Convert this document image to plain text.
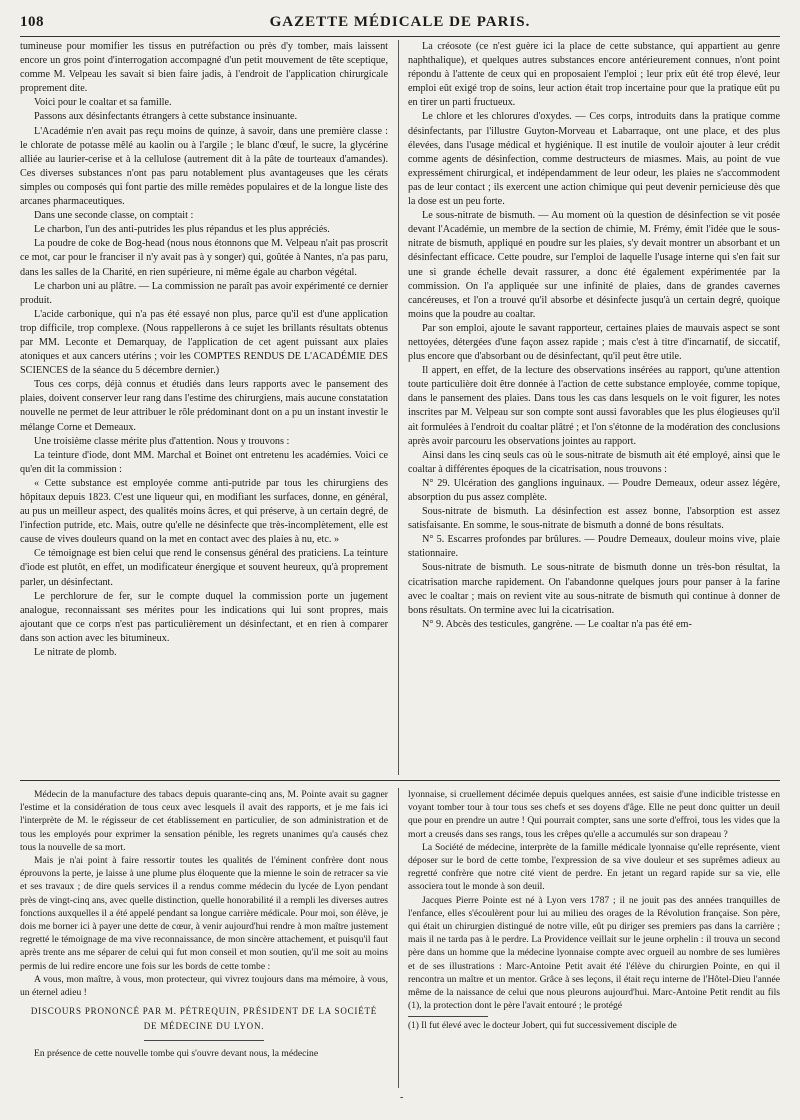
108	GAZETTE MÉDICALE DE PARIS.

tumineuse pour momifier les tissus en putréfaction ou près d'y tomber, mais laissent encore un gros point d'interrogation accompagné d'un petit mouvement de tête sceptique, comme M. Velpeau les savait si bien faire jadis, à l'endroit de l'application chirurgicale proprement dite.

Voici pour le coaltar et sa famille.

Passons aux désinfectants étrangers à cette substance insinuante.

L'Académie n'en avait pas reçu moins de quinze, à savoir, dans une première classe : le chlorate de potasse mêlé au kaolin ou à l'argile ; le blanc d'œuf, le sucre, la glycérine alliée au laurier-cerise et à la cellulose (autrement dit à la pâte de tourteaux d'amandes). Ces diverses substances n'ont pas paru notablement plus avantageuses que les cérats simples ou composés qui font partie des mille remèdes populaires et de la longue liste des arcanes pharmaceutiques.

Dans une seconde classe, on comptait :

Le charbon, l'un des anti-putrides les plus répandus et les plus appréciés.

La poudre de coke de Bog-head (nous nous étonnons que M. Velpeau n'ait pas proscrit ce mot, car pour le franciser il n'y avait pas à y songer) qui, goûtée à Nantes, n'a pas paru, dans les salles de la Charité, en rien supérieure, ni même égale au charbon végétal.

Le charbon uni au plâtre. — La commission ne paraît pas avoir expérimenté ce dernier produit.

L'acide carbonique, qui n'a pas été essayé non plus, parce qu'il est d'une application trop difficile, trop complexe. (Nous rappellerons à ce sujet les brillants résultats obtenus par MM. Leconte et Demarquay, de l'application de cet agent puissant aux plaies atoniques et aux cancers utérins ; voir les COMPTES RENDUS DE L'ACADÉMIE DES SCIENCES de la séance du 5 décembre dernier.)

Tous ces corps, déjà connus et étudiés dans leurs rapports avec le pansement des plaies, doivent conserver leur rang dans l'estime des chirurgiens, mais aucune constatation nouvelle ne permet de leur attribuer le rôle prédominant dont on a pu un instant investir le mélange Corne et Demeaux.

Une troisième classe mérite plus d'attention. Nous y trouvons :

La teinture d'iode, dont MM. Marchal et Boinet ont entretenu les académies. Voici ce qu'en dit la commission :

« Cette substance est employée comme anti-putride par tous les chirurgiens des hôpitaux depuis 1823. C'est une liqueur qui, en modifiant les surfaces, donne, en général, au pus un meilleur aspect, des qualités moins âcres, et qui préserve, à un certain degré, de l'infection putride, etc. Mais, outre qu'elle ne désinfecte que très-incomplètement, elle est cause de vives douleurs quand on la met en contact avec des plaies à nu, etc. »

Ce témoignage est bien celui que rend le consensus général des praticiens. La teinture d'iode est plutôt, en effet, un modificateur énergique et souvent heureux, qu'à proprement parler, un désinfectant.

Le perchlorure de fer, sur le compte duquel la commission porte un jugement analogue, reconnaissant ses mérites pour les indications qui lui sont propres, mais ajoutant que ce corps n'est pas particulièrement un désinfectant, et en rien à comparer dans son action avec les bitumineux.

Le nitrate de plomb.

La créosote (ce n'est guère ici la place de cette substance, qui appartient au genre naphthalique), et quelques autres substances encore antérieurement connues, n'ont point répondu à l'attente de ceux qui en proposaient l'emploi ; leur prix eût été trop élevé, leur emploi eût exigé trop de soins, leur action était trop incertaine pour que la pratique eût pu en tirer un parti fructueux.

Le chlore et les chlorures d'oxydes. — Ces corps, introduits dans la pratique comme désinfectants, par l'illustre Guyton-Morveau et Labarraque, ont une place, et des plus élevées, dans l'usage médical et hygiénique. Il est inutile de vouloir ajouter à leur crédit comme agents de désinfection, comme destructeurs de miasmes. Mais, au point de vue expressément chirurgical, et indépendamment de leur odeur, les plaies ne s'accommodent pas de leur contact ; ils exercent une action chimique qui peut devenir pernicieuse dès que la dose est un peu forte.

Le sous-nitrate de bismuth. — Au moment où la question de désinfection se vit posée devant l'Académie, un membre de la section de chimie, M. Frémy, émit l'idée que le sous-nitrate de bismuth, appliqué en poudre sur les plaies, s'y devait montrer un absorbant et un désinfectant efficace. Cette poudre, sur l'emploi de laquelle l'usage interne qui s'en fait sur une si grande échelle devait rassurer, a donc été également expérimentée par la commission. On l'a appliquée sur une infinité de plaies, dans de grandes cavernes cancéreuses, et l'on a trouvé qu'il absorbe et désinfecte jusqu'à un certain degré, quoique moins que la poudre au coaltar.

Par son emploi, ajoute le savant rapporteur, certaines plaies de mauvais aspect se sont nettoyées, détergées d'une façon assez rapide ; mais c'est à titre d'incarnatif, de siccatif, plus encore que d'absorbant ou de désinfectant, qu'il peut être utile.

Il appert, en effet, de la lecture des observations insérées au rapport, qu'une attention toute particulière doit être donnée à l'action de cette substance employée, comme topique, dans le pansement des plaies. Dans tous les cas dans lesquels on le voit figurer, les notes inscrites par M. Velpeau sur son compte sont aussi favorables que les plus élogieuses qu'il ait formulées à l'endroit du coaltar plâtré ; et l'on s'étonne de la modération des conclusions après avoir parcouru les observations jointes au rapport.

Ainsi dans les cinq seuls cas où le sous-nitrate de bismuth ait été employé, ainsi que le coaltar à différentes époques de la cicatrisation, nous trouvons :

N° 29. Ulcération des ganglions inguinaux. — Poudre Demeaux, odeur assez légère, absorption du pus assez complète.

Sous-nitrate de bismuth. La désinfection est assez bonne, l'absorption est assez satisfaisante. En somme, le sous-nitrate de bismuth a donné de bons résultats.

N° 5. Escarres profondes par brûlures. — Poudre Demeaux, douleur moins vive, plaie stationnaire.

Sous-nitrate de bismuth. Le sous-nitrate de bismuth donne un très-bon résultat, la cicatrisation marche rapidement. On l'abandonne quelques jours pour panser à la farine avec le coaltar ; mais on revient vite au sous-nitrate de bismuth qui continue à donner de bons résultats. On termine avec lui la cicatrisation.

N° 9. Abcès des testicules, gangrène. — Le coaltar n'a pas été em-

Médecin de la manufacture des tabacs depuis quarante-cinq ans, M. Pointe avait su gagner l'estime et la considération de tous ceux avec lesquels il avait des rapports, et je me fais ici l'interprète de M. le régisseur de cet établissement en particulier, de son administration et de tous les employés pour exprimer la sensation pénible, les regrets unanimes qu'a causés chez tous la nouvelle de sa mort.

Mais je n'ai point à faire ressortir toutes les qualités de l'éminent confrère dont nous éprouvons la perte, je laisse à une plume plus éloquente que la mienne le soin de retracer sa vie et ses travaux ; de dire quels services il a rendus comme médecin du lycée de Lyon pendant près de vingt-cinq ans, avec quelle distinction, quelle honorabilité il a rempli les diverses autres fonctions auxquelles il a été appelé pendant sa longue carrière médicale. Pour moi, son élève, je dois me borner ici à payer une dette de cœur, à venir aujourd'hui rendre à mon maître justement regretté le témoignage de ma vive reconnaissance, de mon sincère attachement, et puisqu'il faut après trente ans me séparer de celui qui fut mon conseil et mon soutien, qu'il me soit au moins permis de lui redire encore une fois sur les bords de cette tombe :

A vous, mon maître, à vous, mon protecteur, qui vivrez toujours dans ma mémoire, à vous, un éternel adieu !

DISCOURS PRONONCÉ PAR M. PÉTREQUIN, PRÉSIDENT DE LA SOCIÉTÉ
DE MÉDECINE DU LYON.

En présence de cette nouvelle tombe qui s'ouvre devant nous, la médecine

lyonnaise, si cruellement décimée depuis quelques années, est saisie d'une indicible tristesse en voyant tomber tour à tour tous ses chefs et ses doyens d'âge. Elle ne peut donc quitter un deuil que pour en prendre un autre ! Qui pourrait compter, sans une sorte d'effroi, tous les vides que la mort a creusés dans ses rangs, tous les crêpes qu'elle a accumulés sur son drapeau ?

La Société de médecine, interprète de la famille médicale lyonnaise qu'elle représente, vient déposer sur le bord de cette tombe, l'expression de sa vive douleur et ses suprêmes adieux au regretté confrère que notre cité vient de perdre. En jetant un regard rapide sur sa vie, elle associera tout le monde à son deuil.

Jacques Pierre Pointe est né à Lyon vers 1787 ; il ne jouit pas des années tranquilles de l'enfance, elles s'écoulèrent pour lui au milieu des orages de la Révolution française. Son père, qui était un chirurgien distingué de notre ville, eût pu diriger ses premiers pas dans la carrière ; mais il ne tarda pas à le perdre. La Providence veillait sur le jeune orphelin : il trouva un second père dans un homme que la médecine lyonnaise compte avec orgueil au nombre de ses lumières et de ses illustrations : Marc-Antoine Petit avait été l'élève du chirurgien Pointe, en qui il rencontra un maître et un mentor. Grâce à ses leçons, il était reçu interne de l'Hôtel-Dieu l'année même de la naissance de celui que nous pleurons aujourd'hui. Marc-Antoine Petit rendit au fils (1), la protection dont le père l'avait entouré ; le protégé

(1) Il fut élevé avec le docteur Jobert, qui fut successivement disciple de

-
